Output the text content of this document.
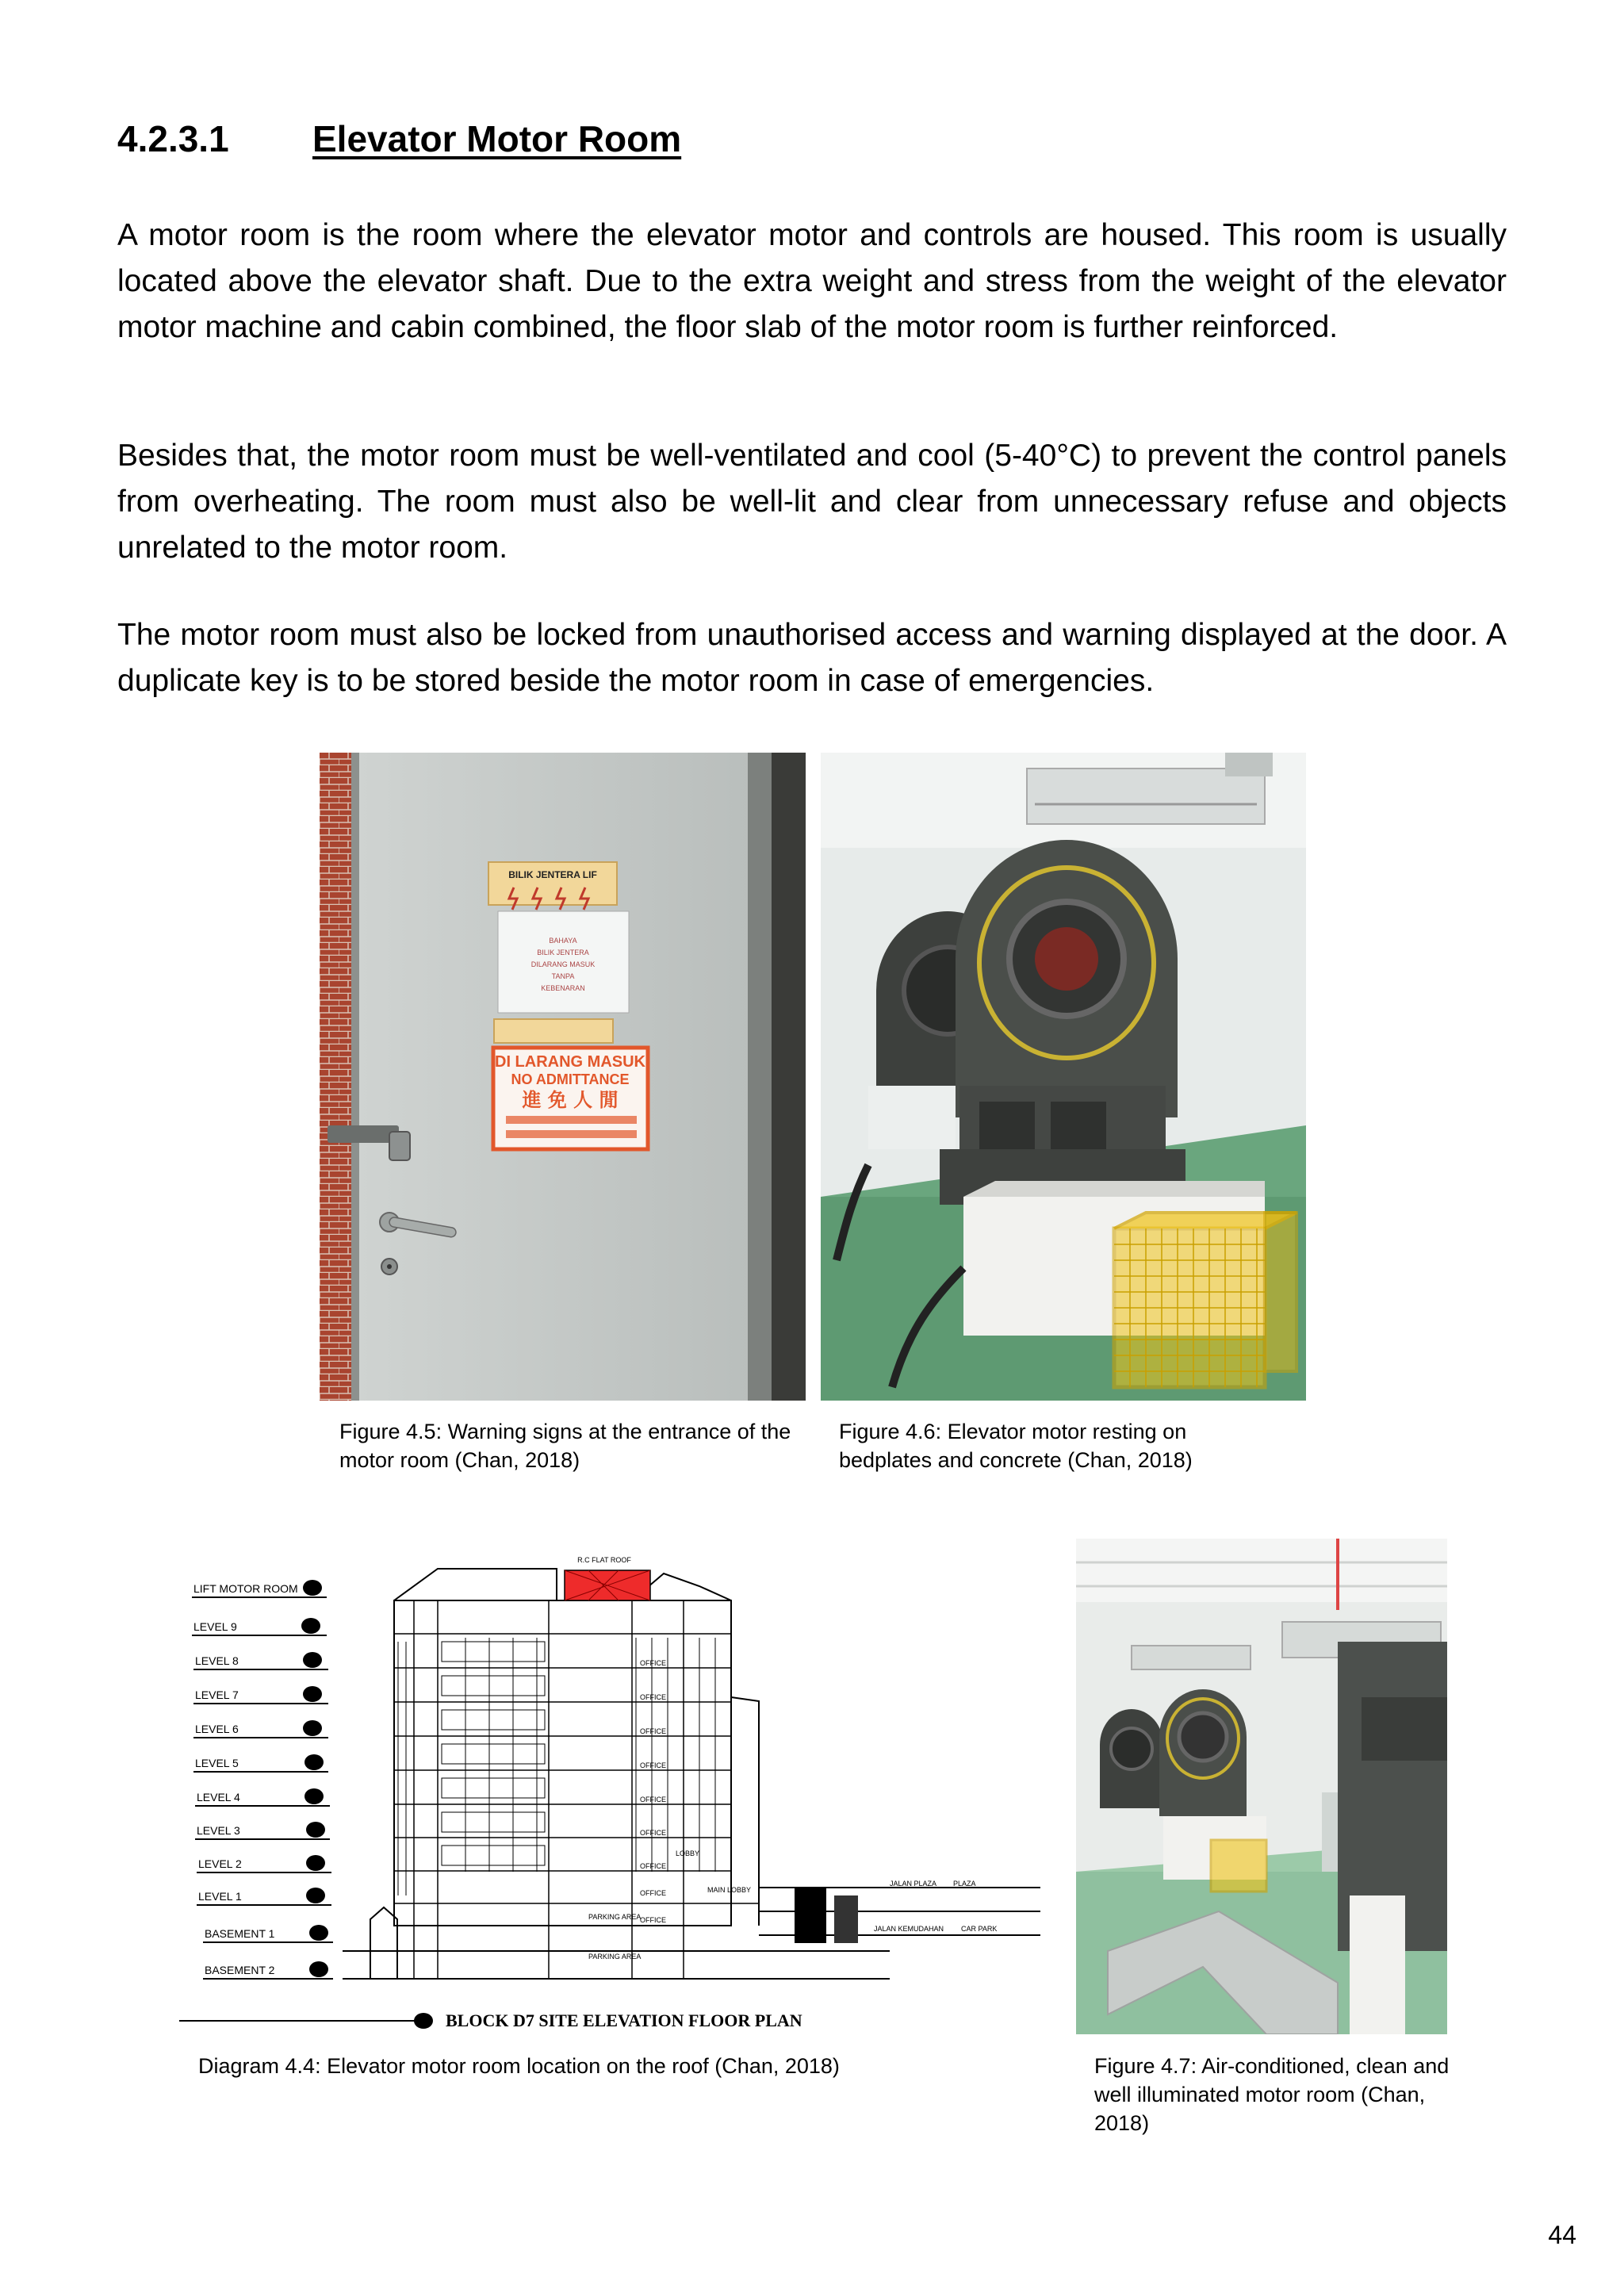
4.2.3.1 Elevator Motor Room

A motor room is the room where the elevator motor and controls are housed. This room is usually located above the elevator shaft. Due to the extra weight and stress from the weight of the elevator motor machine and cabin combined, the floor slab of the motor room is further reinforced.

Besides that, the motor room must be well-ventilated and cool (5-40°C) to prevent the control panels from overheating. The room must also be well-lit and clear from unnecessary refuse and objects unrelated to the motor room.

The motor room must also be locked from unauthorised access and warning displayed at the door. A duplicate key is to be stored beside the motor room in case of emergencies.

BILIK JENTERA LIF
BAHAYA
BILIK JENTERA
DILARANG MASUK
TANPA
KEBENARAN
DI LARANG MASUK
NO ADMITTANCE
進 免 人 閒
Figure 4.5: Warning signs at the entrance of the motor room (Chan, 2018)
Figure 4.6: Elevator motor resting on bedplates and concrete (Chan, 2018)
LIFT MOTOR ROOM
LEVEL 9
LEVEL 8
LEVEL 7
LEVEL 6
LEVEL 5
LEVEL 4
LEVEL 3
LEVEL 2
LEVEL 1
BASEMENT 1
BASEMENT 2
R.C FLAT ROOF
OFFICE
OFFICE
OFFICE
OFFICE
OFFICE
OFFICE
OFFICE
OFFICE
OFFICE
LOBBY
MAIN LOBBY
PARKING AREA
PARKING AREA
JALAN PLAZA PLAZA
JALAN KEMUDAHAN CAR PARK
BLOCK D7 SITE ELEVATION FLOOR PLAN
Diagram 4.4: Elevator motor room location on the roof (Chan, 2018)	Figure 4.7: Air-conditioned, clean and well illuminated motor room (Chan, 2018)
44
